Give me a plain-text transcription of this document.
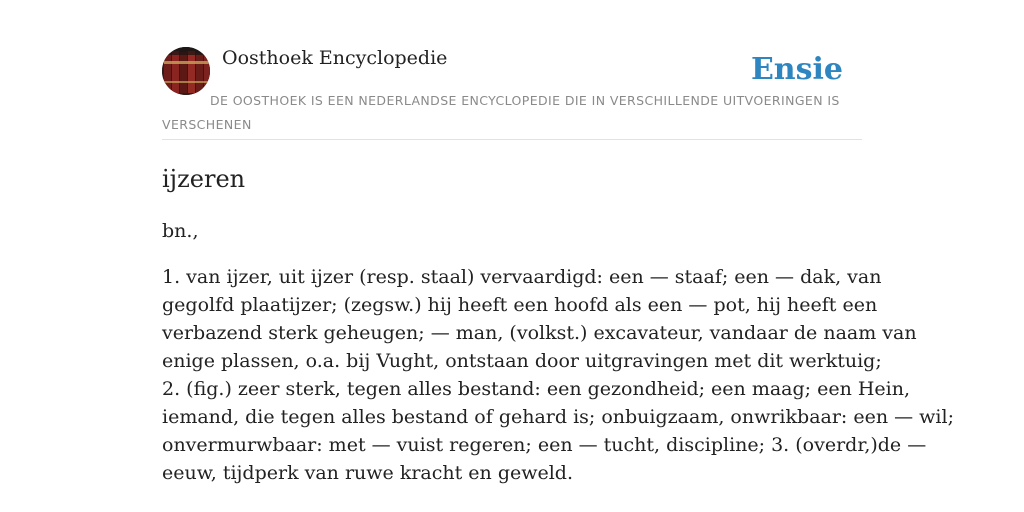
Oosthoek Encyclopedie	Ensie
DE OOSTHOEK IS EEN NEDERLANDSE ENCYCLOPEDIE DIE IN VERSCHILLENDE UITVOERINGEN IS VERSCHENEN
ijzeren
bn.,
1. van ijzer, uit ijzer (resp. staal) vervaardigd: een — staaf; een — dak, van
gegolfd plaatijzer; (zegsw.) hij heeft een hoofd als een — pot, hij heeft een
verbazend sterk geheugen; — man, (volkst.) excavateur, vandaar de naam van
enige plassen, o.a. bij Vught, ontstaan door uitgravingen met dit werktuig;
2. (fig.) zeer sterk, tegen alles bestand: een gezondheid; een maag; een Hein,
iemand, die tegen alles bestand of gehard is; onbuigzaam, onwrikbaar: een — wil;
onvermurwbaar: met — vuist regeren; een — tucht, discipline; 3. (overdr,)de —
eeuw, tijdperk van ruwe kracht en geweld.
